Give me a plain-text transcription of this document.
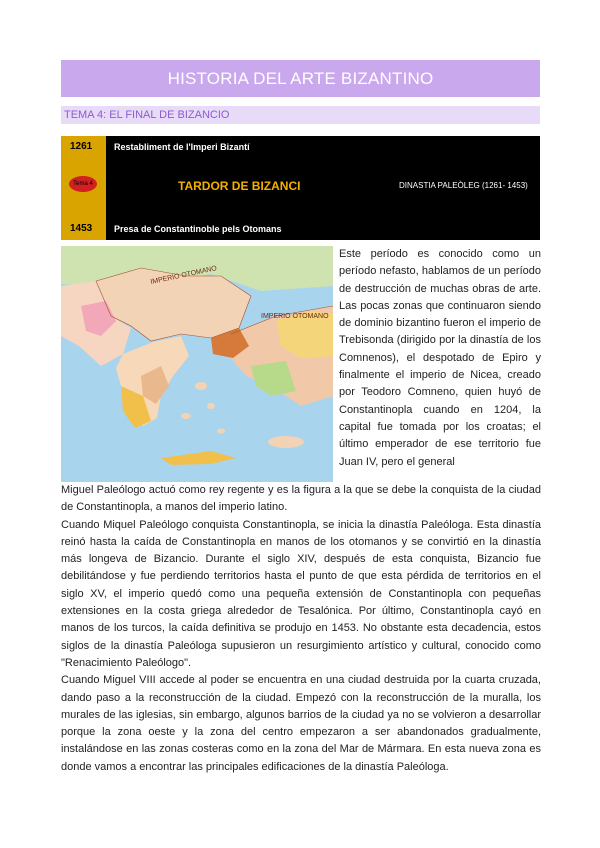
HISTORIA DEL ARTE BIZANTINO
TEMA 4: EL FINAL DE BIZANCIO
1261
Tema 4
1453
Restabliment de l'Imperi Bizantí
TARDOR DE BIZANCI	DINASTIA PALEÒLEG (1261- 1453)
Presa de Constantinoble pels Otomans
IMPERIO OTOMANO
IMPERIO OTOMANO

Este período es conocido como un período nefasto, hablamos de un período de destrucción de muchas obras de arte. Las pocas zonas que continuaron siendo de dominio bizantino fueron el imperio de Trebisonda (dirigido por la dinastía de los Comnenos), el despotado de Epiro y finalmente el imperio de Nicea, creado por Teodoro Comneno, quien huyó de Constantinopla cuando en 1204, la capital fue tomada por los croatas; el último emperador de ese territorio fue Juan IV, pero el general

Miguel Paleólogo actuó como rey regente y es la figura a la que se debe la conquista de la ciudad de Constantinopla, a manos del imperio latino.

Cuando Miquel Paleólogo conquista Constantinopla, se inicia la dinastía Paleóloga. Esta dinastía reinó hasta la caída de Constantinopla en manos de los otomanos y se convirtió en la dinastía más longeva de Bizancio. Durante el siglo XIV, después de esta conquista, Bizancio fue debilitándose y fue perdiendo territorios hasta el punto de que esta pérdida de territorios en el siglo XV, el imperio quedó como una pequeña extensión de Constantinopla con pequeñas extensiones en la costa griega alrededor de Tesalónica. Por último, Constantinopla cayó en manos de los turcos, la caída definitiva se produjo en 1453. No obstante esta decadencia, estos siglos de la dinastía Paleóloga supusieron un resurgimiento artístico y cultural, conocido como "Renacimiento Paleólogo".

Cuando Miguel VIII accede al poder se encuentra en una ciudad destruida por la cuarta cruzada, dando paso a la reconstrucción de la ciudad. Empezó con la reconstrucción de la muralla, los murales de las iglesias, sin embargo, algunos barrios de la ciudad ya no se volvieron a desarrollar porque la zona oeste y la zona del centro empezaron a ser abandonados gradualmente, instalándose en las zonas costeras como en la zona del Mar de Mármara. En esta nueva zona es donde vamos a encontrar las principales edificaciones de la dinastía Paleóloga.
